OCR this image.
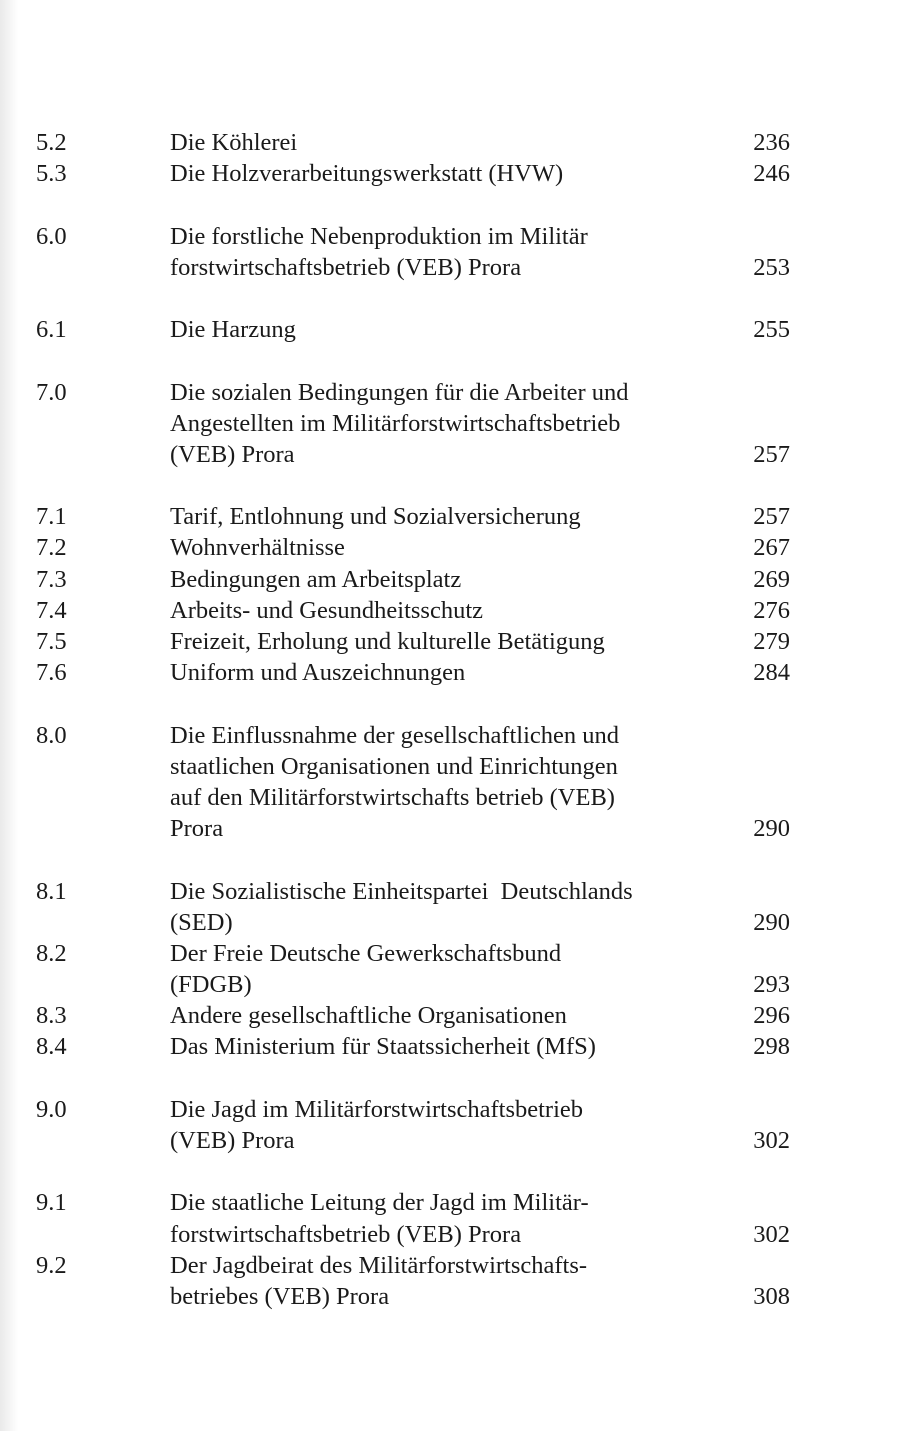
5.2	Die Köhlerei	236
5.3	Die Holzverarbeitungswerkstatt (HVW)	246
6.0	Die forstliche Nebenproduktion im Militär
forstwirtschaftsbetrieb (VEB) Prora	253
6.1	Die Harzung	255
7.0	Die sozialen Bedingungen für die Arbeiter und
Angestellten im Militärforstwirtschaftsbetrieb
(VEB) Prora	257
7.1	Tarif, Entlohnung und Sozialversicherung	257
7.2	Wohnverhältnisse	267
7.3	Bedingungen am Arbeitsplatz	269
7.4	Arbeits- und Gesundheitsschutz	276
7.5	Freizeit, Erholung und kulturelle Betätigung	279
7.6	Uniform und Auszeichnungen	284
8.0	Die Einflussnahme der gesellschaftlichen und
staatlichen Organisationen und Einrichtungen
auf den Militärforstwirtschafts betrieb (VEB)
Prora	290
8.1	Die Sozialistische Einheitspartei  Deutschlands
(SED)	290
8.2	Der Freie Deutsche Gewerkschaftsbund
(FDGB)	293
8.3	Andere gesellschaftliche Organisationen	296
8.4	Das Ministerium für Staatssicherheit (MfS)	298
9.0	Die Jagd im Militärforstwirtschaftsbetrieb
(VEB) Prora	302
9.1	Die staatliche Leitung der Jagd im Militär-
forstwirtschaftsbetrieb (VEB) Prora	302
9.2	Der Jagdbeirat des Militärforstwirtschafts-
betriebes (VEB) Prora	308
